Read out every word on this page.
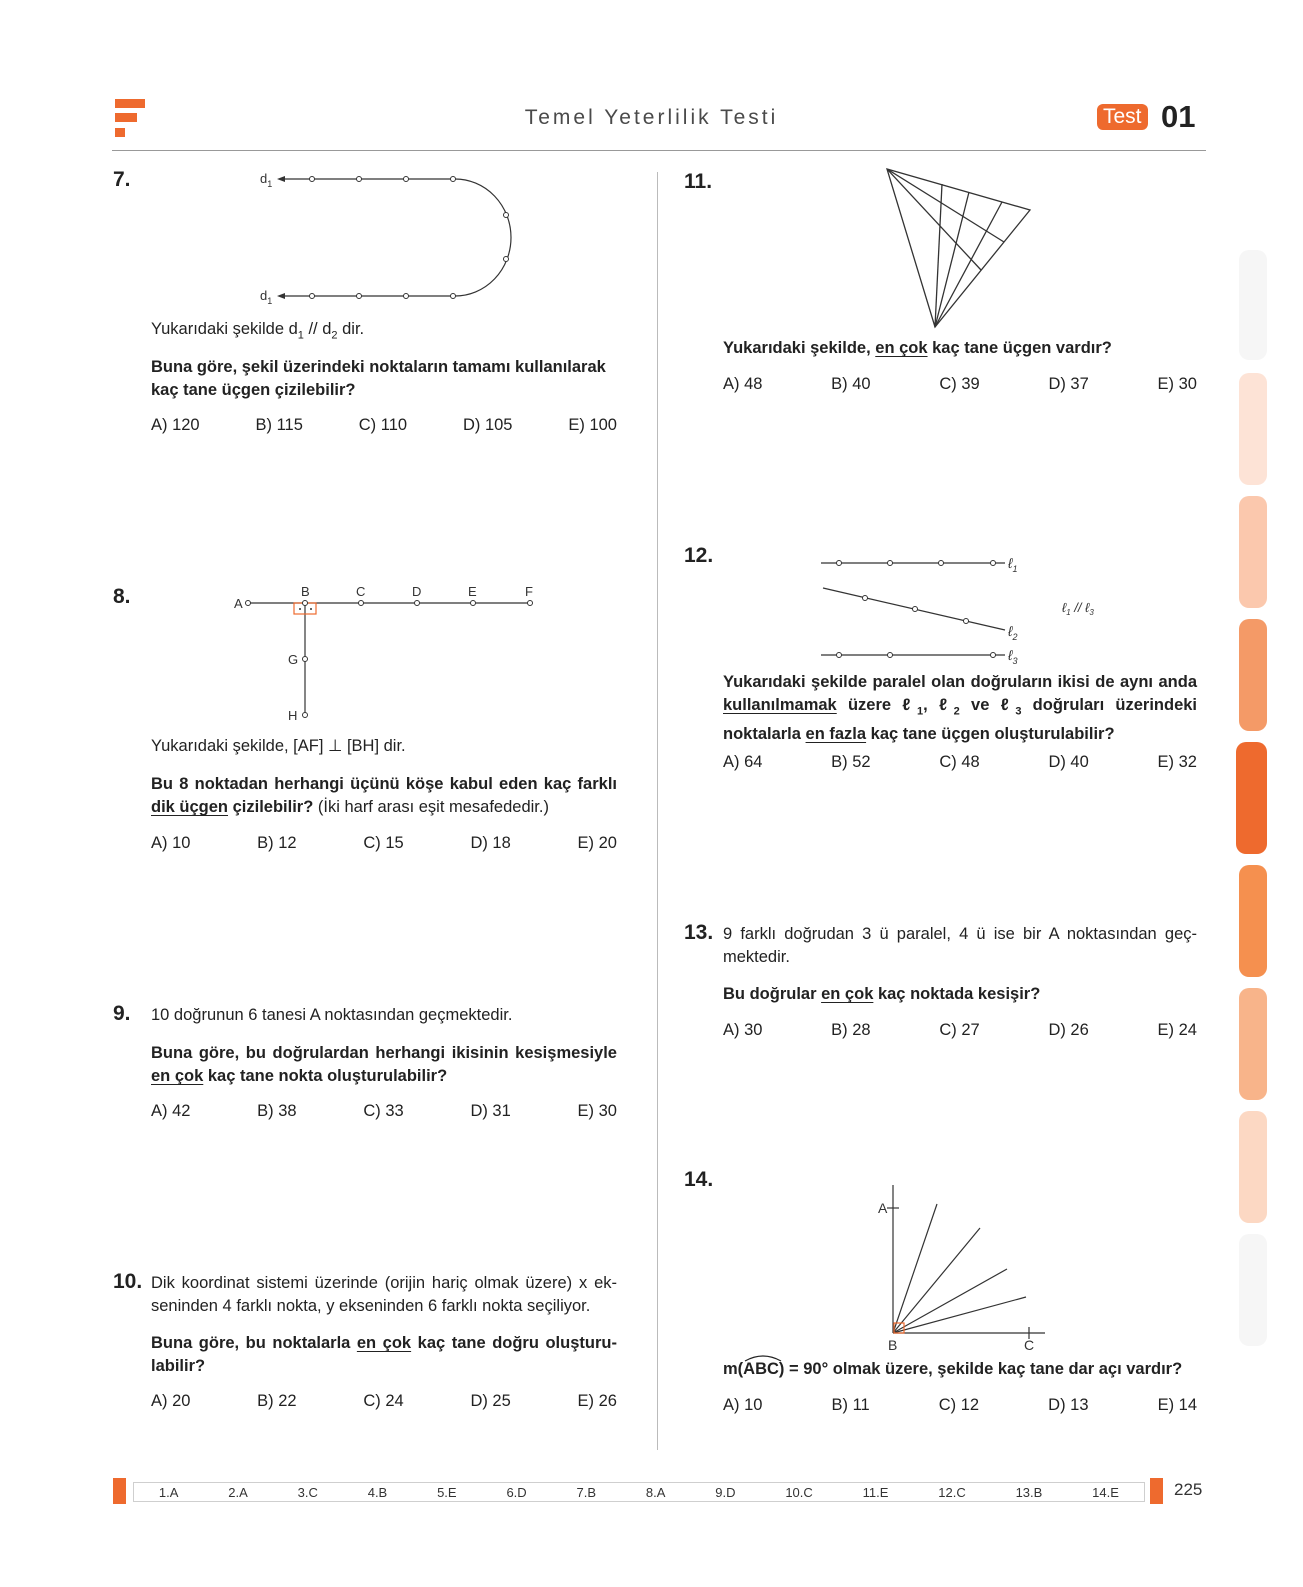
Temel Yeterlilik Testi	Test 01
7.	$d_1$
$d_1$
Yukarıdaki şekilde $d_1 // d_2$ dir.
Buna göre, şekil üzerindeki noktaların tamamı kullanılarak kaç tane üçgen çizilebilir?
A) 120	B) 115	C) 110	D) 105	E) 100
8.	A
B	C	D	E	F
G
H
Yukarıdaki şekilde, [AF] ⊥ [BH] dir.
Bu 8 noktadan herhangi üçünü köşe kabul eden kaç farklı dik üçgen çizilebilir? (İki harf arası eşit mesafededir.)
A) 10	B) 12	C) 15	D) 18	E) 20
9. 10 doğrunun 6 tanesi A noktasından geçmektedir.
Buna göre, bu doğrulardan herhangi ikisinin kesişmesiyle en çok kaç tane nokta oluşturulabilir?
A) 42	B) 38	C) 33	D) 31	E) 30
10. Dik koordinat sistemi üzerinde (orijin hariç olmak üzere) x ek-seninden 4 farklı nokta, y ekseninden 6 farklı nokta seçiliyor.
Buna göre, bu noktalarla en çok kaç tane doğru oluşturu-labilir?
A) 20	B) 22	C) 24	D) 25	E) 26
11.
Yukarıdaki şekilde, en çok kaç tane üçgen vardır?
A) 48	B) 40	C) 39	D) 37	E) 30
12.	ℓ$_1$
ℓ$_2$
ℓ$_3$
ℓ$_1$ // ℓ$_3$
Yukarıdaki şekilde paralel olan doğruların ikisi de aynı anda kullanılmamak üzere ℓ$_1$, ℓ$_2$ ve ℓ$_3$ doğruları üzerindeki noktalarla en fazla kaç tane üçgen oluşturulabilir?
A) 64	B) 52	C) 48	D) 40	E) 32
13. 9 farklı doğrudan 3 ü paralel, 4 ü ise bir A noktasından geç-mektedir.
Bu doğrular en çok kaç noktada kesişir?
A) 30	B) 28	C) 27	D) 26	E) 24
14.
A
B	C
m(
ABC) = 90° olmak üzere, şekilde kaç tane dar açı vardır?
A) 10	B) 11	C) 12	D) 13	E) 14
1.A	2.A	3.C	4.B	5.E	6.D	7.B	8.A	9.D	10.C	11.E	12.C	13.B	14.E	225
